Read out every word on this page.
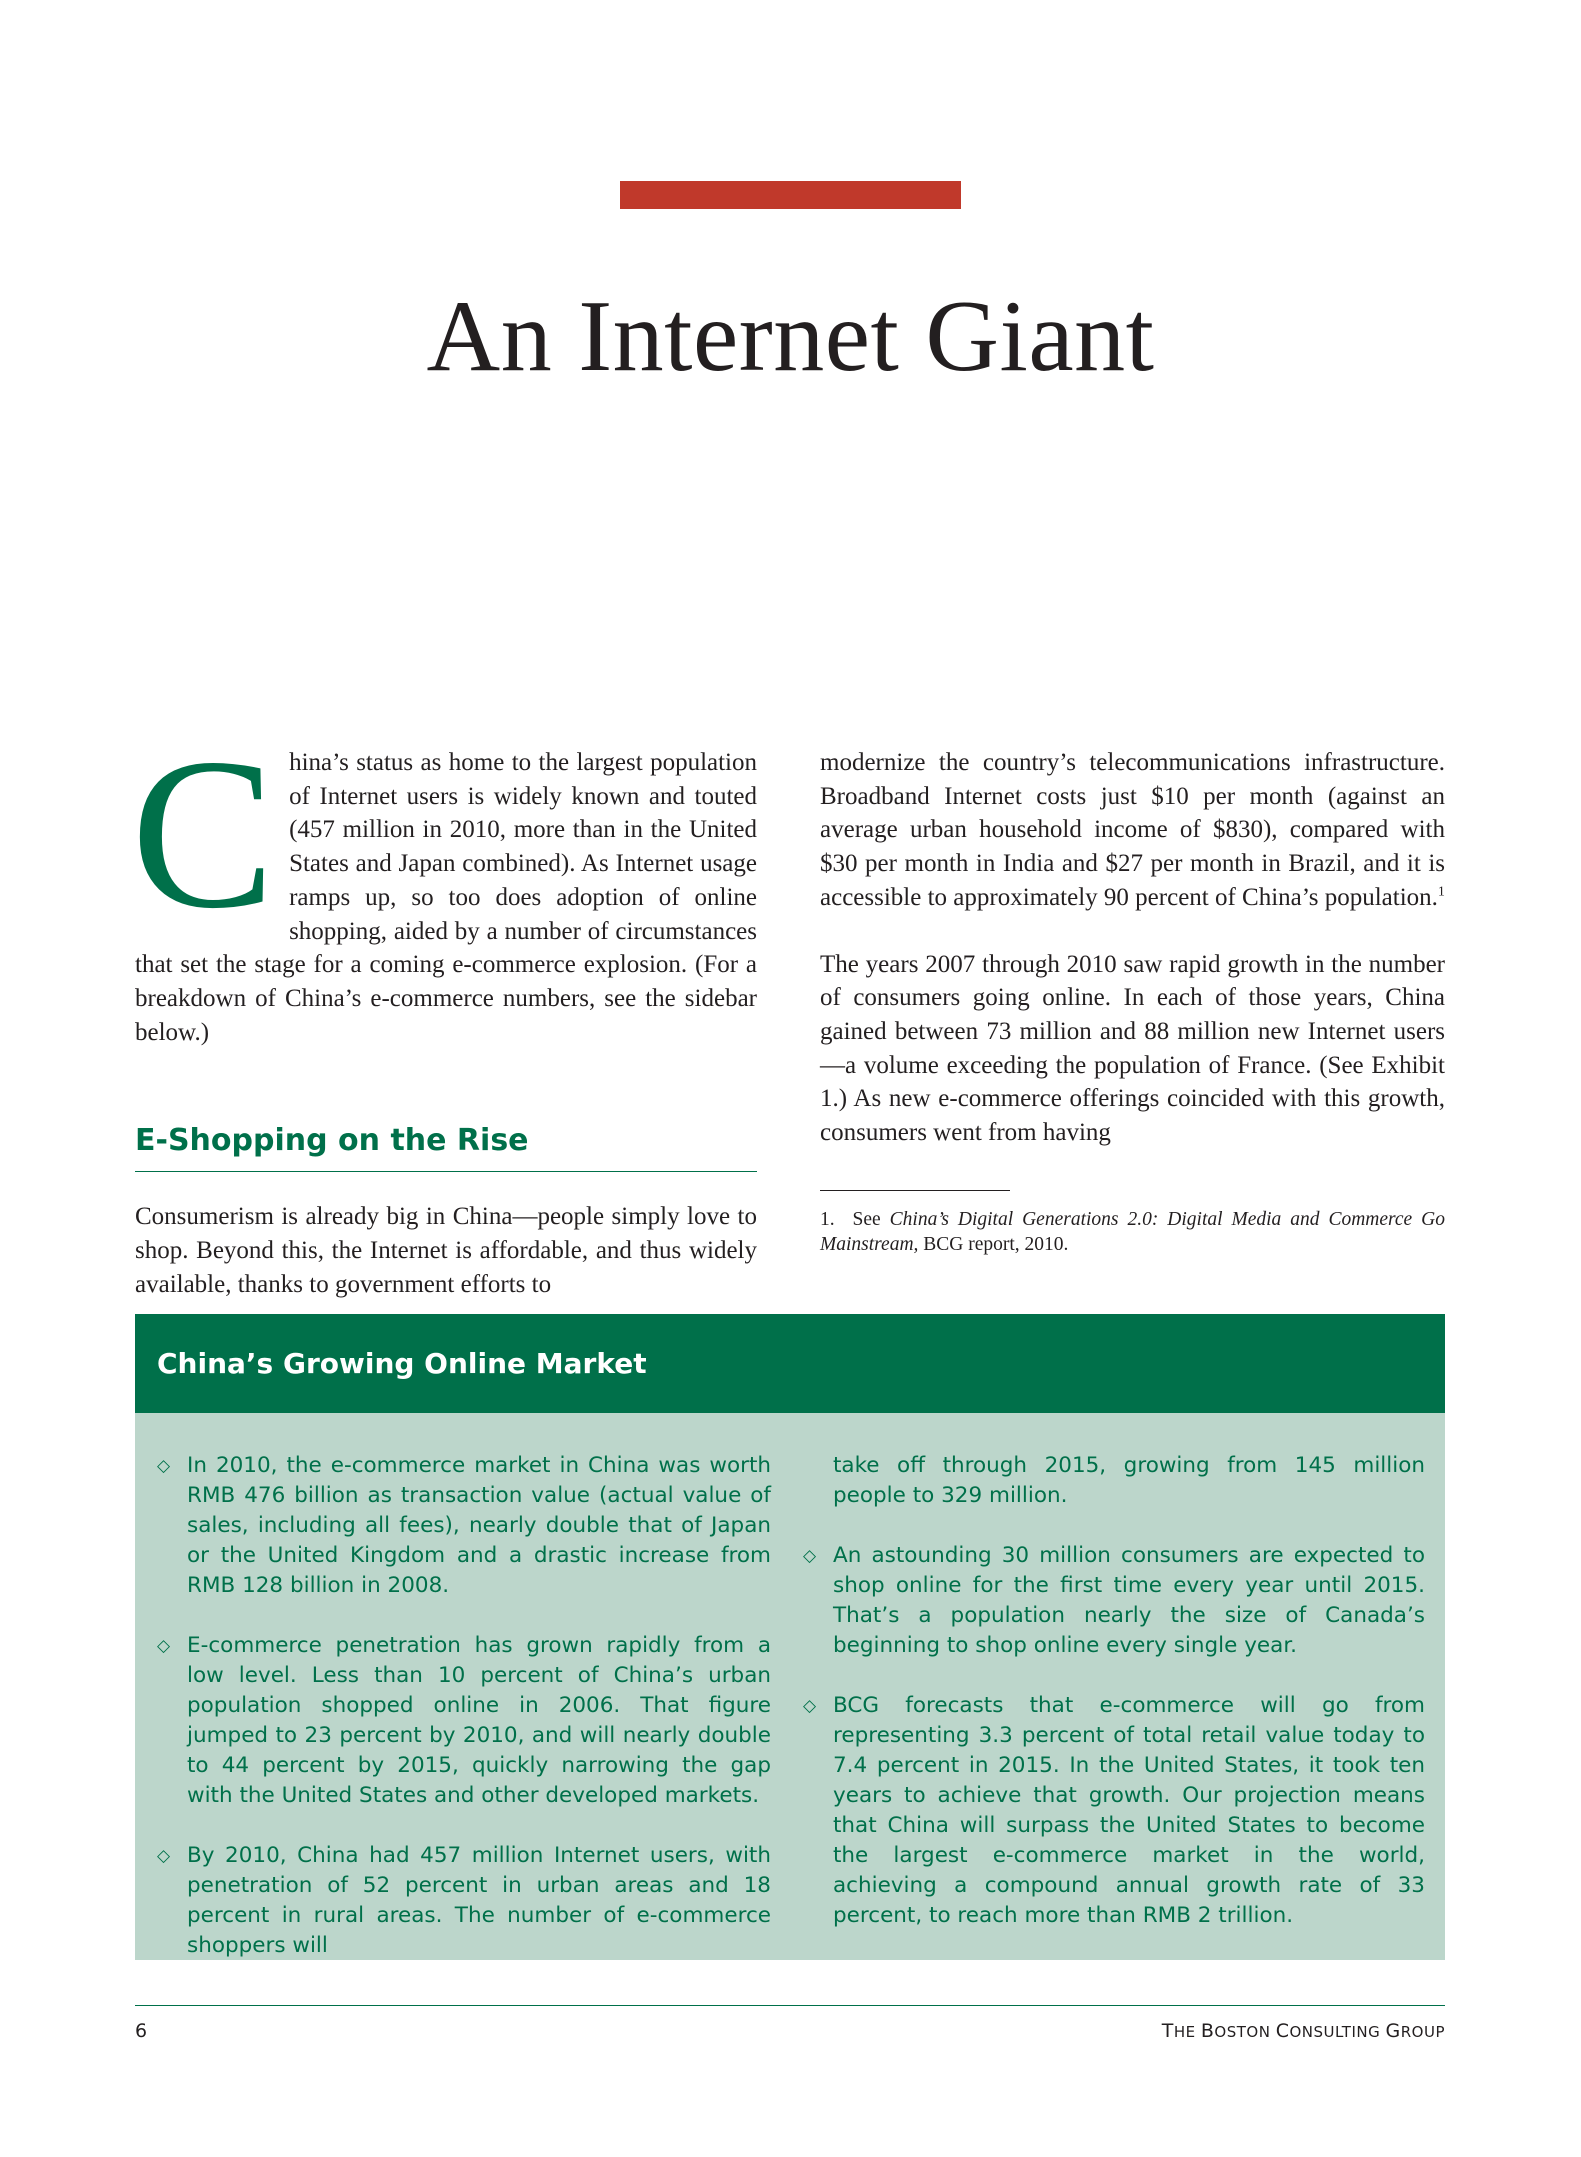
An Internet Giant

C hina’s status as home to the largest population of Internet users is widely known and touted (457 million in 2010, more than in the United States and Japan combined). As Internet usage ramps up, so too does adoption of online shopping, aided by a number of circumstances that set the stage for a coming e-commerce explosion. (For a breakdown of China’s e-commerce numbers, see the sidebar below.)

E-Shopping on the Rise

Consumerism is already big in China—people simply love to shop. Beyond this, the Internet is affordable, and thus widely available, thanks to government efforts to

modernize the country’s telecommunications infrastructure. Broadband Internet costs just $10 per month (against an average urban household income of $830), compared with $30 per month in India and $27 per month in Brazil, and it is accessible to approximately 90 percent of China’s population.$^1$

The years 2007 through 2010 saw rapid growth in the number of consumers going online. In each of those years, China gained between 73 million and 88 million new Internet users—a volume exceeding the population of France. (See Exhibit 1.) As new e-commerce offerings coincided with this growth, consumers went from having

1. See China’s Digital Generations 2.0: Digital Media and Commerce Go Mainstream, BCG report, 2010.

China’s Growing Online Market
◇ In 2010, the e-commerce market in China was worth RMB 476 billion as transaction value (actual value of sales, including all fees), nearly double that of Japan or the United Kingdom and a drastic increase from RMB 128 billion in 2008.
◇ E-commerce penetration has grown rapidly from a low level. Less than 10 percent of China’s urban population shopped online in 2006. That figure jumped to 23 percent by 2010, and will nearly double to 44 percent by 2015, quickly narrowing the gap with the United States and other developed markets.
◇ By 2010, China had 457 million Internet users, with penetration of 52 percent in urban areas and 18 percent in rural areas. The number of e-commerce shoppers will
take off through 2015, growing from 145 million people to 329 million.
◇ An astounding 30 million consumers are expected to shop online for the first time every year until 2015. That’s a population nearly the size of Canada’s beginning to shop online every single year.
◇ BCG forecasts that e-commerce will go from representing 3.3 percent of total retail value today to 7.4 percent in 2015. In the United States, it took ten years to achieve that growth. Our projection means that China will surpass the United States to become the largest e-commerce market in the world, achieving a compound annual growth rate of 33 percent, to reach more than RMB 2 trillion.
6	THE BOSTON CONSULTING GROUP
